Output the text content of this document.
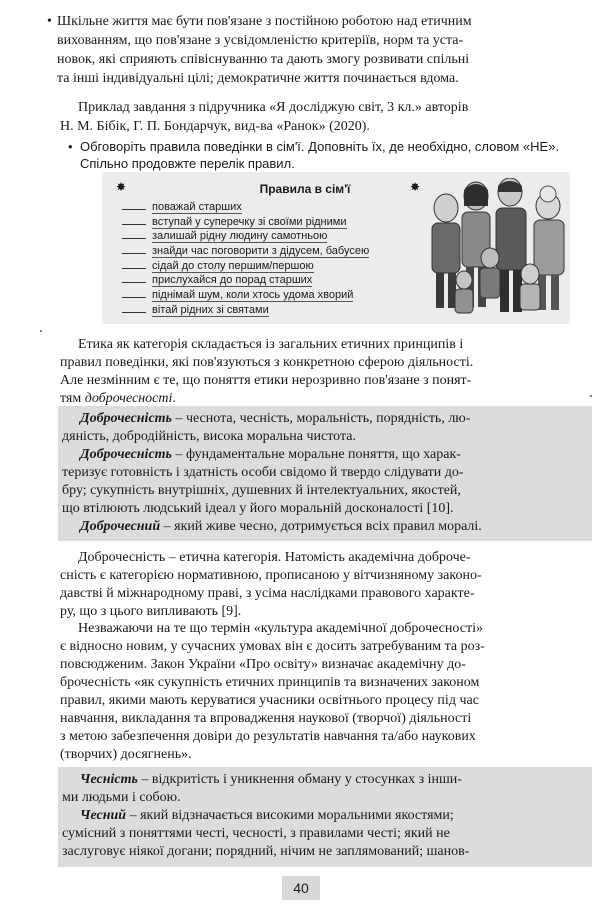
• Шкільне життя має бути пов'язане з постійною роботою над етичним
вихованням, що пов'язане з усвідомленістю критеріїв, норм та уста-
новок, які сприяють співіснуванню та дають змогу розвивати спільні
та інші індивідуальні цілі; демократичне життя починається вдома.
Приклад завдання з підручника «Я досліджую світ, 3 кл.» авторів
Н. М. Бібік, Г. П. Бондарчук, вид-ва «Ранок» (2020).
• Обговоріть правила поведінки в сім'ї. Доповніть їх, де необхідно, словом «НЕ».
Спільно продовжте перелік правил.
✸	✸
Правила в сім'ї
поважай старших
вступай у суперечку зі своїми рідними
залишай рідну людину самотньою
знайди час поговорити з дідусем, бабусею
сідай до столу першим/першою
прислухайся до порад старших
піднімай шум, коли хтось удома хворий
вітай рідних зі святами
Етика як категорія складається із загальних етичних принципів і
правил поведінки, які пов'язуються з конкретною сферою діяльності.
Але незмінним є те, що поняття етики нерозривно пов'язане з понят-
тям доброчесності.
Доброчесність – чеснота, чесність, моральність, порядність, лю-
дяність, добродійність, висока моральна чистота.
Доброчесність – фундаментальне моральне поняття, що харак-
теризує готовність і здатність особи свідомо й твердо слідувати до-
бру; сукупність внутрішніх, душевних й інтелектуальних, якостей,
що втілюють людський ідеал у його моральній досконалості [10].
Доброчесний – який живе чесно, дотримується всіх правил моралі.
Доброчесність – етична категорія. Натомість академічна доброче-
сність є категорією нормативною, прописаною у вітчизняному законо-
давстві й міжнародному праві, з усіма наслідками правового характе-
ру, що з цього випливають [9].
Незважаючи на те що термін «культура академічної доброчесності»
є відносно новим, у сучасних умовах він є досить затребуваним та роз-
повсюдженим. Закон України «Про освіту» визначає академічну до-
брочесність «як сукупність етичних принципів та визначених законом
правил, якими мають керуватися учасники освітнього процесу під час
навчання, викладання та впровадження наукової (творчої) діяльності
з метою забезпечення довіри до результатів навчання та/або наукових
(творчих) досягнень».
Чесність – відкритість і уникнення обману у стосунках з інши-
ми людьми і собою.
Чесний – який відзначається високими моральними якостями;
сумісний з поняттями честі, чесності, з правилами честі; який не
заслуговує ніякої догани; порядний, нічим не заплямований; шанов-
40
